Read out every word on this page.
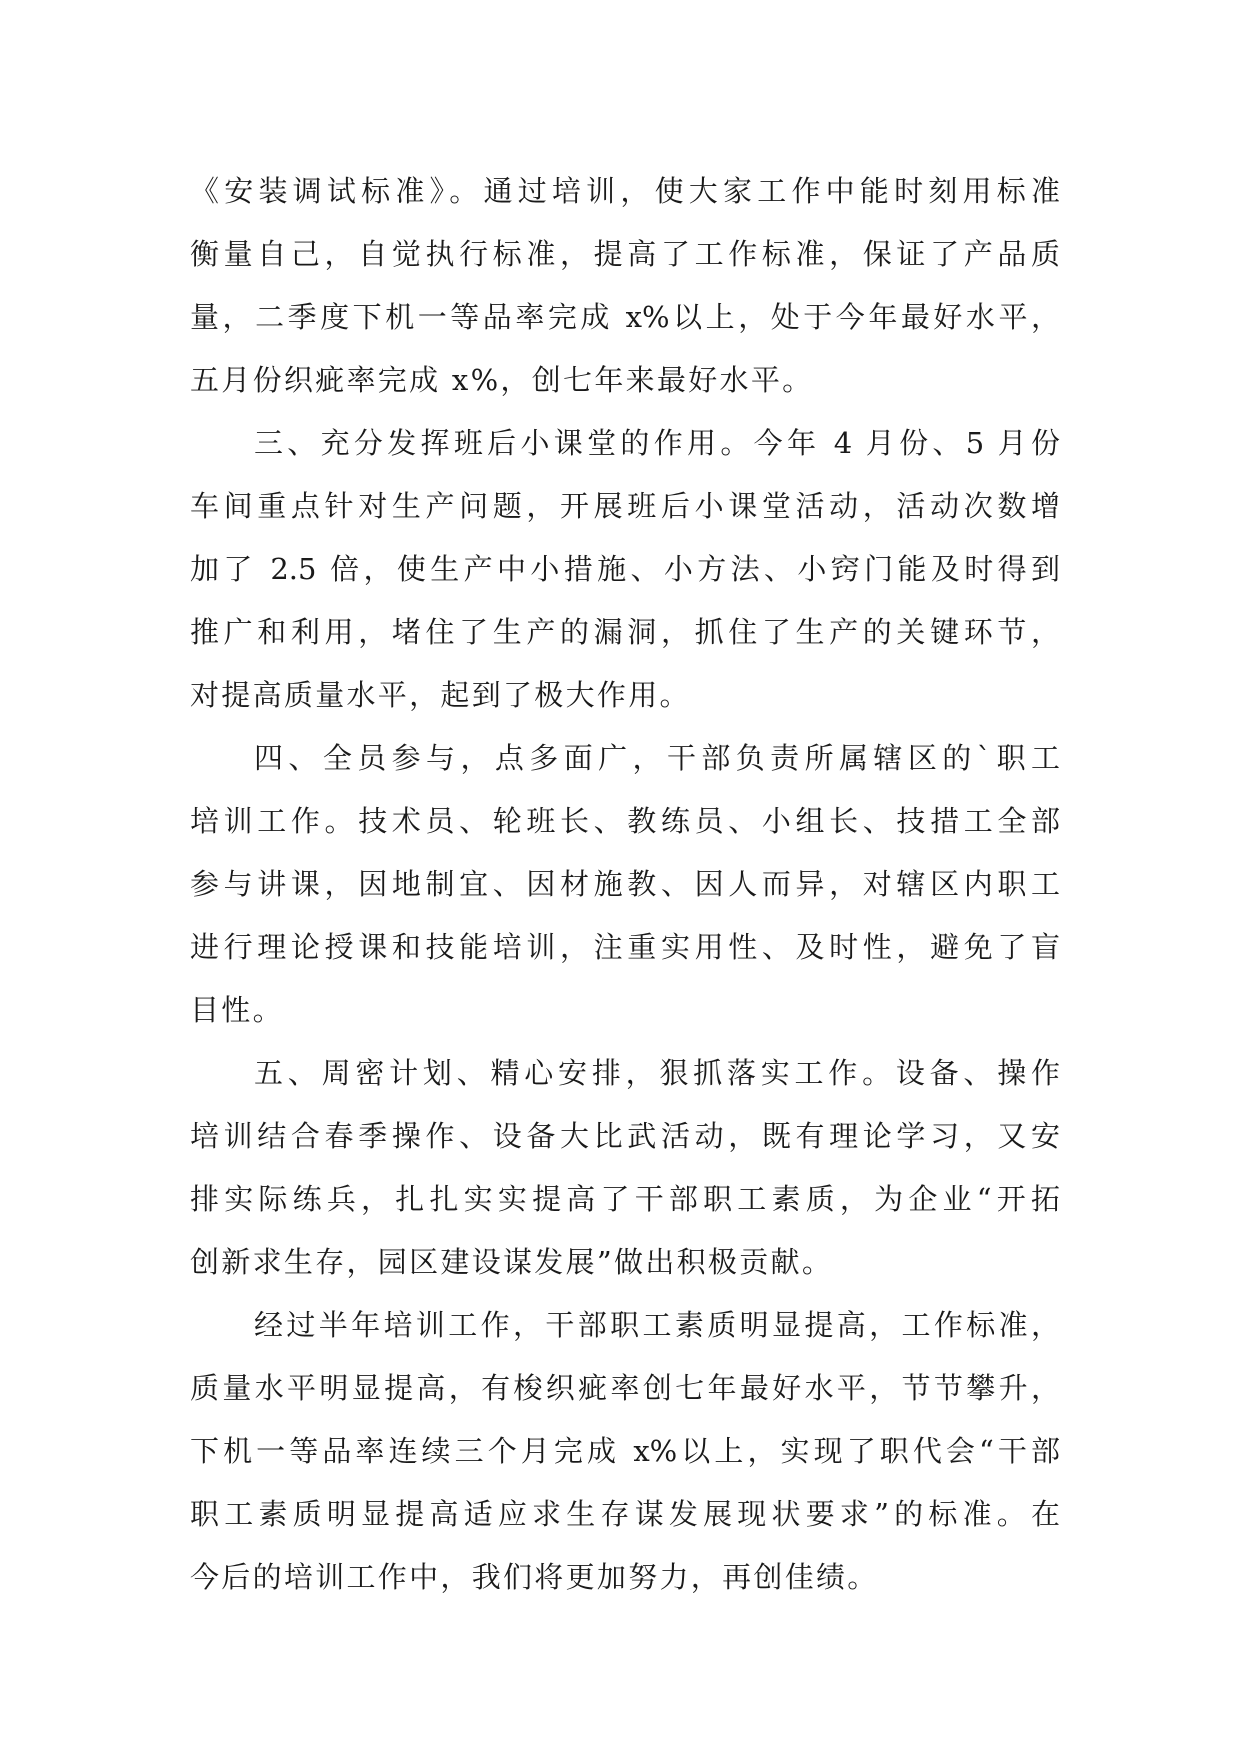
《安装调试标准》。通过培训，使大家工作中能时刻用标准
衡量自己，自觉执行标准，提高了工作标准，保证了产品质
量，二季度下机一等品率完成 x%以上，处于今年最好水平，
五月份织疵率完成 x%，创七年来最好水平。
三、充分发挥班后小课堂的作用。今年 4 月份、5 月份
车间重点针对生产问题，开展班后小课堂活动，活动次数增
加了 2.5 倍，使生产中小措施、小方法、小窍门能及时得到
推广和利用，堵住了生产的漏洞，抓住了生产的关键环节，
对提高质量水平，起到了极大作用。
四、全员参与，点多面广，干部负责所属辖区的`职工
培训工作。技术员、轮班长、教练员、小组长、技措工全部
参与讲课，因地制宜、因材施教、因人而异，对辖区内职工
进行理论授课和技能培训，注重实用性、及时性，避免了盲
目性。
五、周密计划、精心安排，狠抓落实工作。设备、操作
培训结合春季操作、设备大比武活动，既有理论学习，又安
排实际练兵，扎扎实实提高了干部职工素质，为企业“开拓
创新求生存，园区建设谋发展”做出积极贡献。
经过半年培训工作，干部职工素质明显提高，工作标准，
质量水平明显提高，有梭织疵率创七年最好水平，节节攀升，
下机一等品率连续三个月完成 x%以上，实现了职代会“干部
职工素质明显提高适应求生存谋发展现状要求”的标准。在
今后的培训工作中，我们将更加努力，再创佳绩。
